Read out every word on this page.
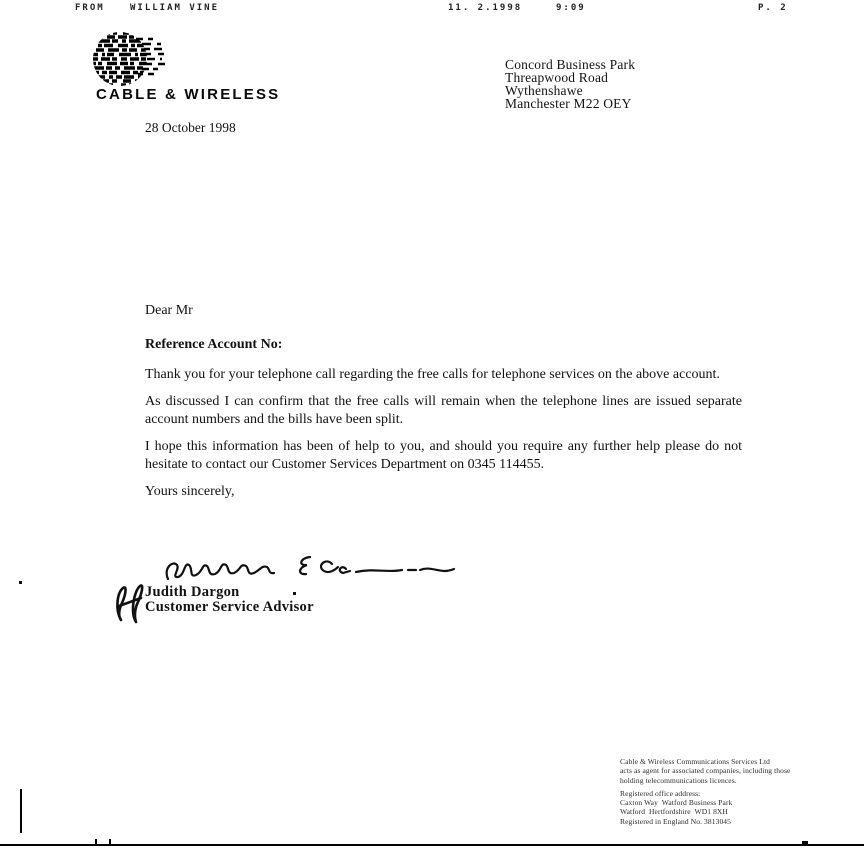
FROM	WILLIAM VINE	11. 2.1998	9:09	P. 2
CABLE & WIRELESS
Concord Business Park
Threapwood Road
Wythenshawe
Manchester M22 OEY
28 October 1998

Dear Mr

Reference Account No:

Thank you for your telephone call regarding the free calls for telephone services on the above account.

As discussed I can confirm that the free calls will remain when the telephone lines are issued separate account numbers and the bills have been split.

I hope this information has been of help to you, and should you require any further help please do not hesitate to contact our Customer Services Department on 0345 114455.

Yours sincerely,

Judith Dargon
Customer Service Advisor
Cable & Wireless Communications Services Ltd
acts as agent for associated companies, including those
holding telecommunications licences.
Registered office address:
Caxton Way  Watford Business Park
Watford  Hertfordshire  WD1 8XH
Registered in England No. 3813045
